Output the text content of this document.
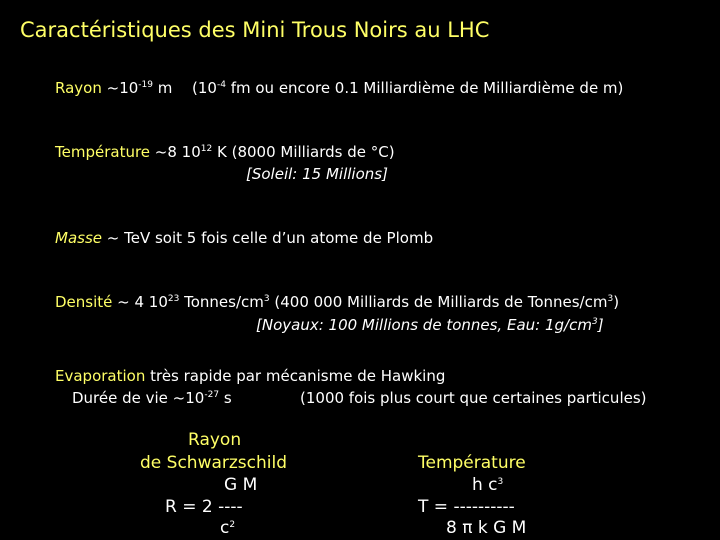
Caractéristiques des Mini Trous Noirs au LHC
Rayon $\sim 10^{-19}$ m ($10^{-4}$ fm ou encore 0.1 Milliardième de Milliardième de m)
Température ~8 $10^{12}$ K (8000 Milliards de °C)
[Soleil: 15 Millions]
Masse ~ TeV soit 5 fois celle d’un atome de Plomb
Densité ~ 4 $10^{23}$ Tonnes/$cm^3$ (400 000 Milliards de Milliards de Tonnes/$cm^3$)
[Noyaux: 100 Millions de tonnes, Eau: $1g/cm^3$]
Evaporation très rapide par mécanisme de Hawking
Durée de vie $\sim 10^{-27}$ s	(1000 fois plus court que certaines particules)
Rayon
de Schwarzschild
G M
R = 2 ----
$c^2$
Température
h $c^3$
T = ----------
8 π k G M
